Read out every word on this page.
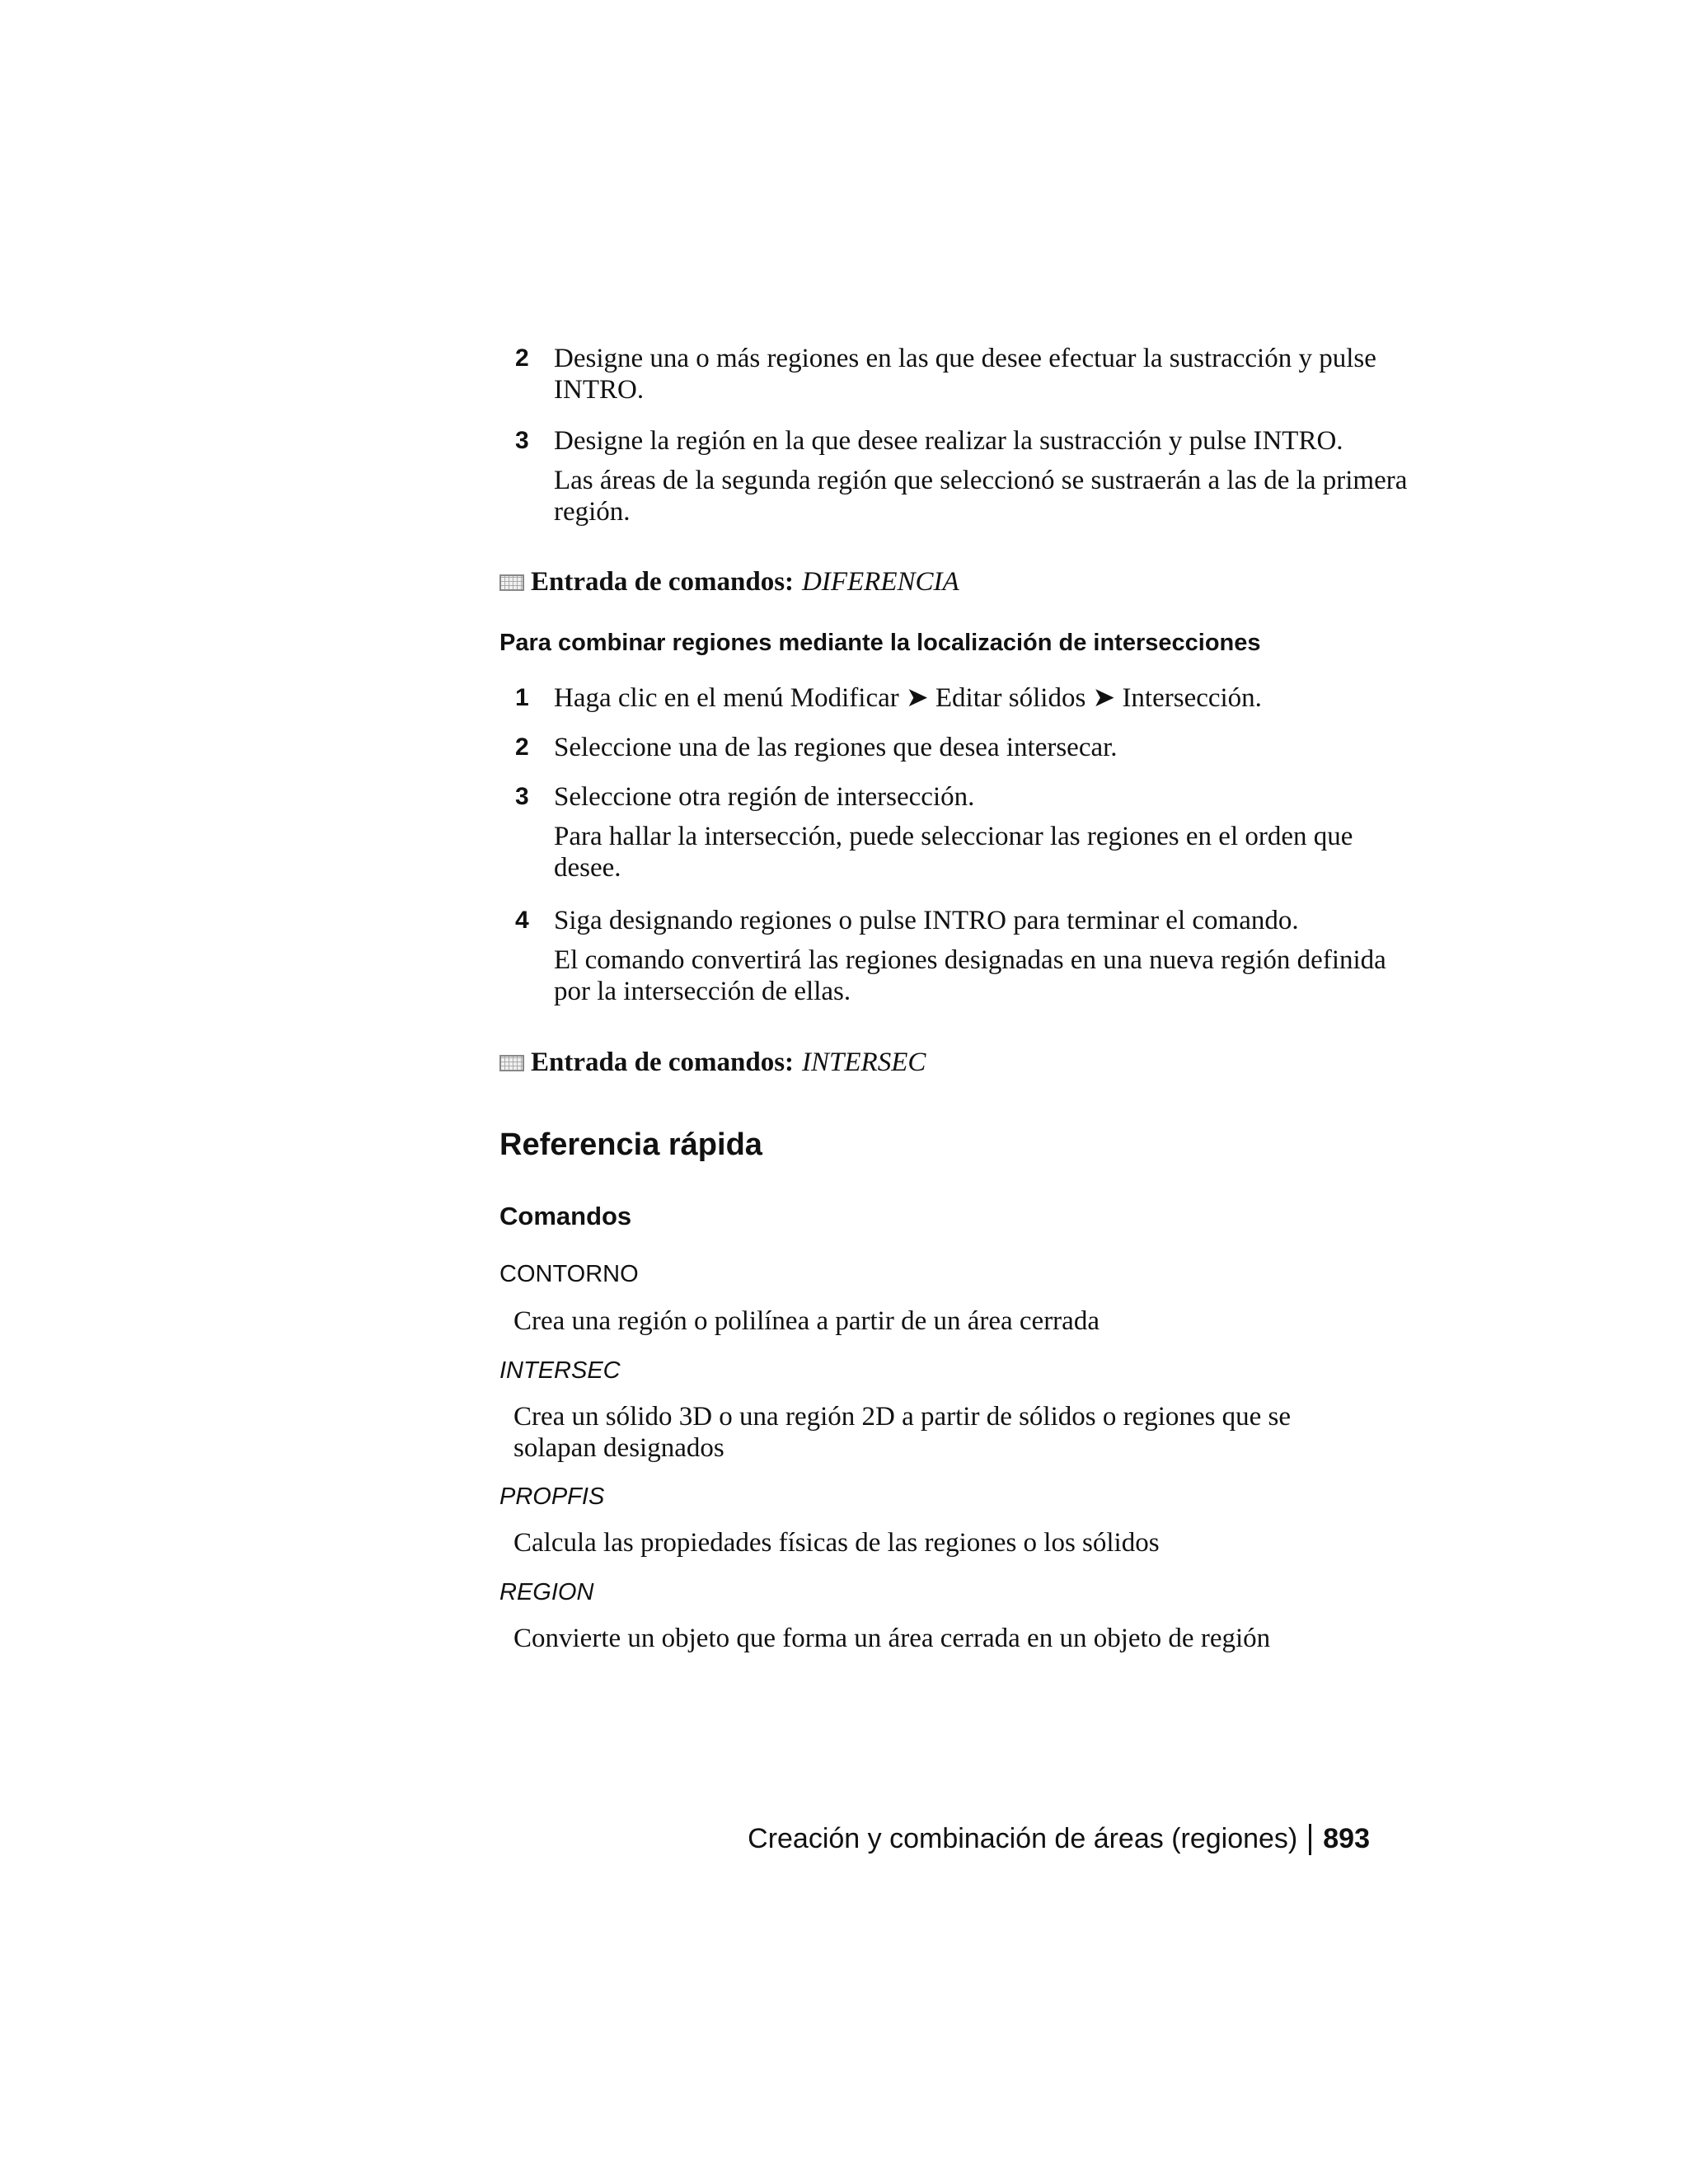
2 Designe una o más regiones en las que desee efectuar la sustracción y pulse INTRO.
3 Designe la región en la que desee realizar la sustracción y pulse INTRO.
Las áreas de la segunda región que seleccionó se sustraerán a las de la primera región.
Entrada de comandos: DIFERENCIA
Para combinar regiones mediante la localización de intersecciones
1 Haga clic en el menú Modificar ➤ Editar sólidos ➤ Intersección.
2 Seleccione una de las regiones que desea intersecar.
3 Seleccione otra región de intersección.
Para hallar la intersección, puede seleccionar las regiones en el orden que desee.
4 Siga designando regiones o pulse INTRO para terminar el comando.
El comando convertirá las regiones designadas en una nueva región definida por la intersección de ellas.
Entrada de comandos: INTERSEC
Referencia rápida
Comandos
CONTORNO
Crea una región o polilínea a partir de un área cerrada
INTERSEC
Crea un sólido 3D o una región 2D a partir de sólidos o regiones que se solapan designados
PROPFIS
Calcula las propiedades físicas de las regiones o los sólidos
REGION
Convierte un objeto que forma un área cerrada en un objeto de región
Creación y combinación de áreas (regiones) 893
